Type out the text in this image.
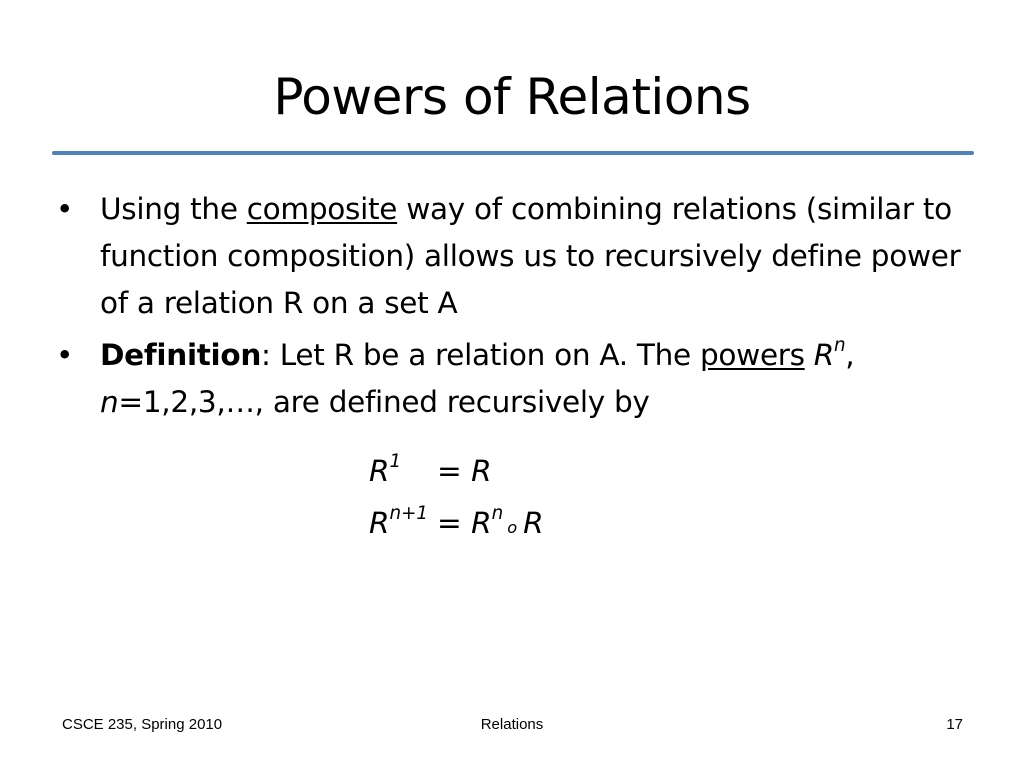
Powers of Relations
• Using the composite way of combining relations (similar to function composition) allows us to recursively define power of a relation R on a set A
• Definition: Let R be a relation on A. The powers $R^n$, n=1,2,3,…, are defined recursively by
$R^1 = R$
$R^{n+1} = R^no$ R
CSCE 235, Spring 2010	Relations	17
